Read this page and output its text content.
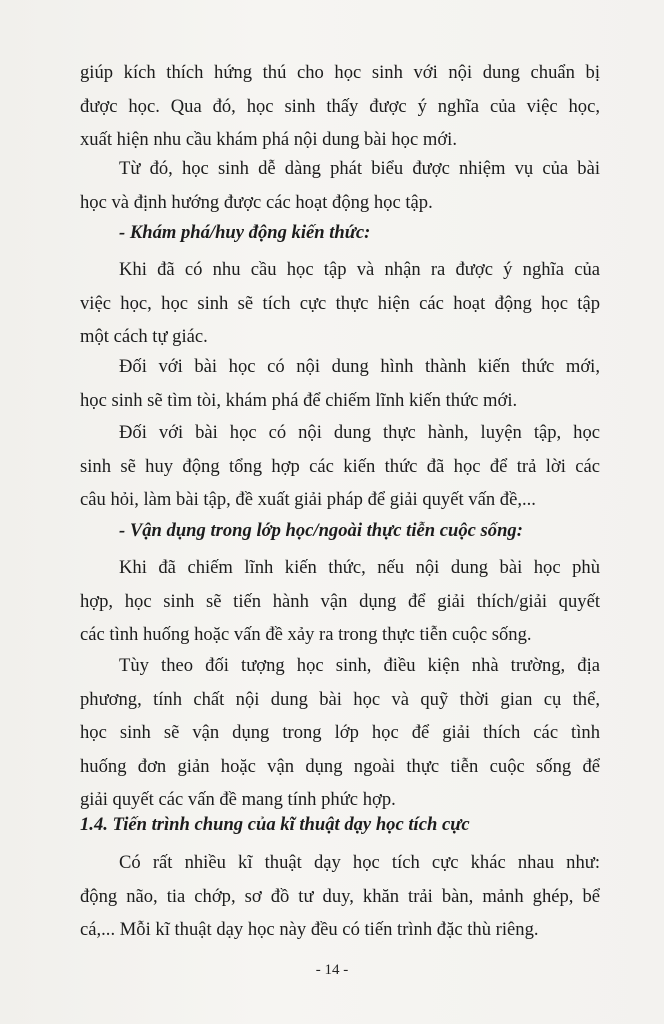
giúp kích thích hứng thú cho học sinh với nội dung chuẩn bị
được học. Qua đó, học sinh thấy được ý nghĩa của việc học,
xuất hiện nhu cầu khám phá nội dung bài học mới.
Từ đó, học sinh dễ dàng phát biểu được nhiệm vụ của bài
học và định hướng được các hoạt động học tập.
- Khám phá/huy động kiến thức:
Khi đã có nhu cầu học tập và nhận ra được ý nghĩa của
việc học, học sinh sẽ tích cực thực hiện các hoạt động học tập
một cách tự giác.
Đối với bài học có nội dung hình thành kiến thức mới,
học sinh sẽ tìm tòi, khám phá để chiếm lĩnh kiến thức mới.
Đối với bài học có nội dung thực hành, luyện tập, học
sinh sẽ huy động tổng hợp các kiến thức đã học để trả lời các
câu hỏi, làm bài tập, đề xuất giải pháp để giải quyết vấn đề,...
- Vận dụng trong lớp học/ngoài thực tiễn cuộc sống:
Khi đã chiếm lĩnh kiến thức, nếu nội dung bài học phù
hợp, học sinh sẽ tiến hành vận dụng để giải thích/giải quyết
các tình huống hoặc vấn đề xảy ra trong thực tiễn cuộc sống.
Tùy theo đối tượng học sinh, điều kiện nhà trường, địa
phương, tính chất nội dung bài học và quỹ thời gian cụ thể,
học sinh sẽ vận dụng trong lớp học để giải thích các tình
huống đơn giản hoặc vận dụng ngoài thực tiễn cuộc sống để
giải quyết các vấn đề mang tính phức hợp.
1.4. Tiến trình chung của kĩ thuật dạy học tích cực
Có rất nhiều kĩ thuật dạy học tích cực khác nhau như:
động não, tia chớp, sơ đồ tư duy, khăn trải bàn, mảnh ghép, bể
cá,... Mỗi kĩ thuật dạy học này đều có tiến trình đặc thù riêng.
- 14 -
